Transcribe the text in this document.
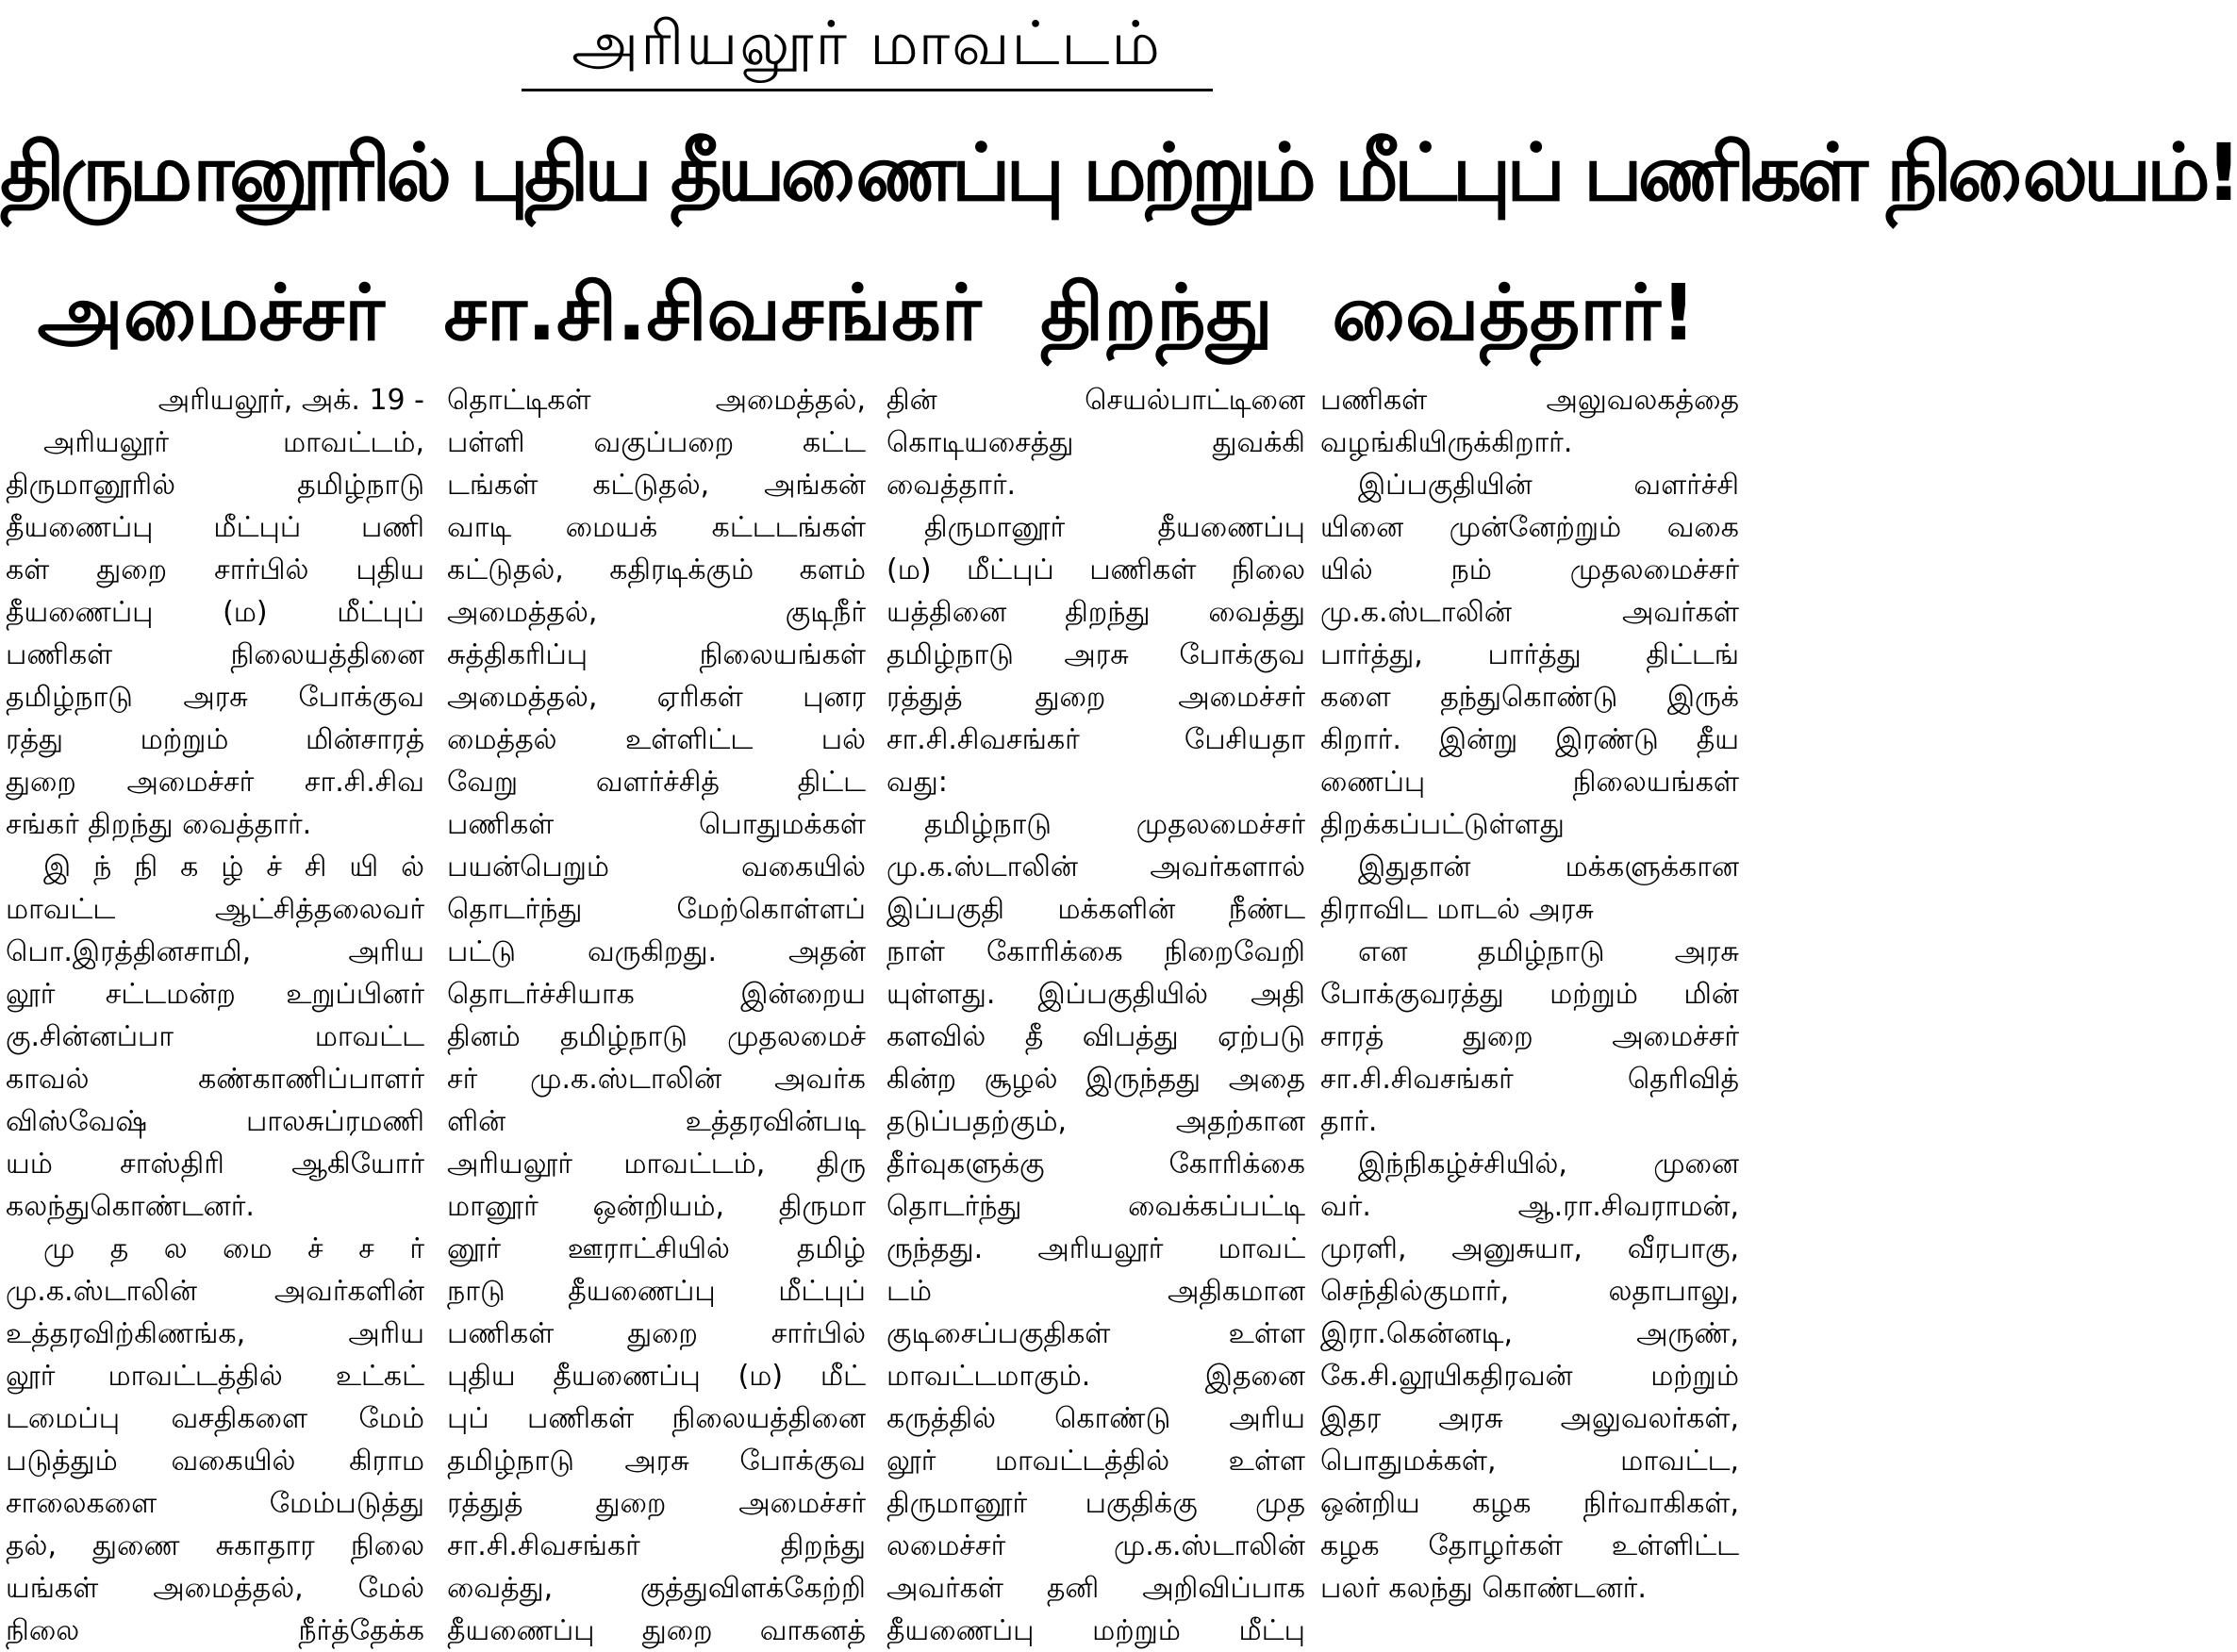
அரியலூர் மாவட்டம்
திருமானூரில் புதிய தீயணைப்பு மற்றும் மீட்புப் பணிகள் நிலையம்!
அமைச்சர் சா.சி.சிவசங்கர் திறந்து வைத்தார்!

அரியலூர், அக். 19 -

அரியலூர் மாவட்டம்,

திருமானூரில் தமிழ்நாடு

தீயணைப்பு மீட்புப் பணி

கள் துறை சார்பில் புதிய

தீயணைப்பு (ம) மீட்புப்

பணிகள் நிலையத்தினை

தமிழ்நாடு அரசு போக்குவ

ரத்து மற்றும் மின்சாரத்

துறை அமைச்சர் சா.சி.சிவ

சங்கர் திறந்து வைத்தார்.

இ ந் நி க ழ் ச் சி யி ல்

மாவட்ட ஆட்சித்தலைவர்

பொ.இரத்தினசாமி, அரிய

லூர் சட்டமன்ற உறுப்பினர்

கு.சின்னப்பா மாவட்ட

காவல் கண்காணிப்பாளர்

விஸ்வேஷ் பாலசுப்ரமணி

யம் சாஸ்திரி ஆகியோர்

கலந்துகொண்டனர்.

மு த ல மை ச் ச ர்

மு.க.ஸ்டாலின் அவர்களின்

உத்தரவிற்கிணங்க, அரிய

லூர் மாவட்டத்தில் உட்கட்

டமைப்பு வசதிகளை மேம்

படுத்தும் வகையில் கிராம

சாலைகளை மேம்படுத்து

தல், துணை சுகாதார நிலை

யங்கள் அமைத்தல், மேல்

நிலை நீர்த்தேக்க

தொட்டிகள் அமைத்தல்,

பள்ளி வகுப்பறை கட்ட

டங்கள் கட்டுதல், அங்கன்

வாடி மையக் கட்டடங்கள்

கட்டுதல், கதிரடிக்கும் களம்

அமைத்தல், குடிநீர்

சுத்திகரிப்பு நிலையங்கள்

அமைத்தல், ஏரிகள் புனர

மைத்தல் உள்ளிட்ட பல்

வேறு வளர்ச்சித் திட்ட

பணிகள் பொதுமக்கள்

பயன்பெறும் வகையில்

தொடர்ந்து மேற்கொள்ளப்

பட்டு வருகிறது. அதன்

தொடர்ச்சியாக இன்றைய

தினம் தமிழ்நாடு முதலமைச்

சர் மு.க.ஸ்டாலின் அவர்க

ளின் உத்தரவின்படி

அரியலூர் மாவட்டம், திரு

மானூர் ஒன்றியம், திருமா

னூர் ஊராட்சியில் தமிழ்

நாடு தீயணைப்பு மீட்புப்

பணிகள் துறை சார்பில்

புதிய தீயணைப்பு (ம) மீட்

புப் பணிகள் நிலையத்தினை

தமிழ்நாடு அரசு போக்குவ

ரத்துத் துறை அமைச்சர்

சா.சி.சிவசங்கர் திறந்து

வைத்து, குத்துவிளக்கேற்றி

தீயணைப்பு துறை வாகனத்

தின் செயல்பாட்டினை

கொடியசைத்து துவக்கி

வைத்தார்.

திருமானூர் தீயணைப்பு

(ம) மீட்புப் பணிகள் நிலை

யத்தினை திறந்து வைத்து

தமிழ்நாடு அரசு போக்குவ

ரத்துத் துறை அமைச்சர்

சா.சி.சிவசங்கர் பேசியதா

வது:

தமிழ்நாடு முதலமைச்சர்

மு.க.ஸ்டாலின் அவர்களால்

இப்பகுதி மக்களின் நீண்ட

நாள் கோரிக்கை நிறைவேறி

யுள்ளது. இப்பகுதியில் அதி

களவில் தீ விபத்து ஏற்படு

கின்ற சூழல் இருந்தது அதை

தடுப்பதற்கும், அதற்கான

தீர்வுகளுக்கு கோரிக்கை

தொடர்ந்து வைக்கப்பட்டி

ருந்தது. அரியலூர் மாவட்

டம் அதிகமான

குடிசைப்பகுதிகள் உள்ள

மாவட்டமாகும். இதனை

கருத்தில் கொண்டு அரிய

லூர் மாவட்டத்தில் உள்ள

திருமானூர் பகுதிக்கு முத

லமைச்சர் மு.க.ஸ்டாலின்

அவர்கள் தனி அறிவிப்பாக

தீயணைப்பு மற்றும் மீட்பு

பணிகள் அலுவலகத்தை

வழங்கியிருக்கிறார்.

இப்பகுதியின் வளர்ச்சி

யினை முன்னேற்றும் வகை

யில் நம் முதலமைச்சர்

மு.க.ஸ்டாலின் அவர்கள்

பார்த்து, பார்த்து திட்டங்

களை தந்துகொண்டு இருக்

கிறார். இன்று இரண்டு தீய

ணைப்பு நிலையங்கள்

திறக்கப்பட்டுள்ளது

இதுதான் மக்களுக்கான

திராவிட மாடல் அரசு

என தமிழ்நாடு அரசு

போக்குவரத்து மற்றும் மின்

சாரத் துறை அமைச்சர்

சா.சி.சிவசங்கர் தெரிவித்

தார்.

இந்நிகழ்ச்சியில், முனை

வர். ஆ.ரா.சிவராமன்,

முரளி, அனுசுயா, வீரபாகு,

செந்தில்குமார், லதாபாலு,

இரா.கென்னடி, அருண்,

கே.சி.லூயிகதிரவன் மற்றும்

இதர அரசு அலுவலர்கள்,

பொதுமக்கள், மாவட்ட,

ஒன்றிய கழக நிர்வாகிகள்,

கழக தோழர்கள் உள்ளிட்ட

பலர் கலந்து கொண்டனர்.
